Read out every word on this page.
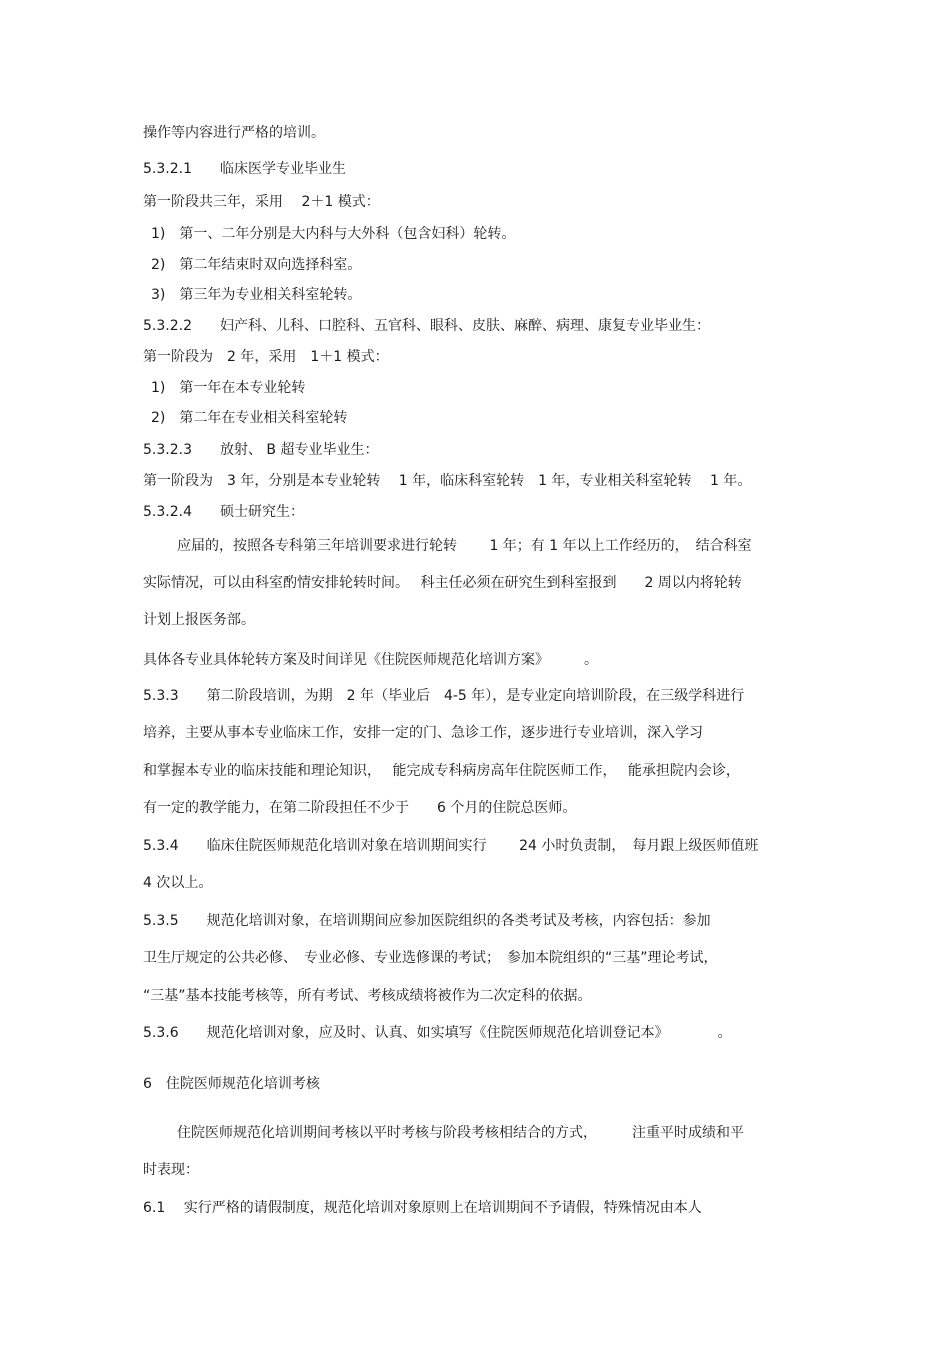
操作等内容进行严格的培训。
5.3.2.1　　临床医学专业毕业生
第一阶段共三年，采用　 2＋1 模式：
1)　第一、二年分别是大内科与大外科（包含妇科）轮转。
2)　第二年结束时双向选择科室。
3)　第三年为专业相关科室轮转。
5.3.2.2　　妇产科、儿科、口腔科、五官科、眼科、皮肤、麻醉、病理、康复专业毕业生：
第一阶段为　2 年，采用　1＋1 模式：
1)　第一年在本专业轮转
2)　第二年在专业相关科室轮转
5.3.2.3　　放射、 B 超专业毕业生：
第一阶段为　3 年，分别是本专业轮转　 1 年，临床科室轮转　1 年，专业相关科室轮转　 1 年。
5.3.2.4　　硕士研究生：
应届的，按照各专科第三年培训要求进行轮转　　 1 年；有 1 年以上工作经历的，　结合科室
实际情况，可以由科室酌情安排轮转时间。　 科主任必须在研究生到科室报到　　2 周以内将轮转
计划上报医务部。
具体各专业具体轮转方案及时间详见《住院医师规范化培训方案》　　　。
5.3.3　　第二阶段培训，为期　2 年（毕业后　4-5 年），是专业定向培训阶段，在三级学科进行
培养，主要从事本专业临床工作，安排一定的门、急诊工作，逐步进行专业培训，深入学习
和掌握本专业的临床技能和理论知识，　 能完成专科病房高年住院医师工作，　 能承担院内会诊，
有一定的教学能力，在第二阶段担任不少于　　6 个月的住院总医师。
5.3.4　　临床住院医师规范化培训对象在培训期间实行　　 24 小时负责制，　每月跟上级医师值班
4 次以上。
5.3.5　　规范化培训对象，在培训期间应参加医院组织的各类考试及考核，内容包括：参加
卫生厅规定的公共必修、　专业必修、专业选修课的考试；　参加本院组织的“三基”理论考试，
“三基”基本技能考核等，所有考试、考核成绩将被作为二次定科的依据。
5.3.6　　规范化培训对象，应及时、认真、如实填写《住院医师规范化培训登记本》　　　　。
6　住院医师规范化培训考核
住院医师规范化培训期间考核以平时考核与阶段考核相结合的方式，　　　注重平时成绩和平
时表现：
6.1　 实行严格的请假制度，规范化培训对象原则上在培训期间不予请假，特殊情况由本人
